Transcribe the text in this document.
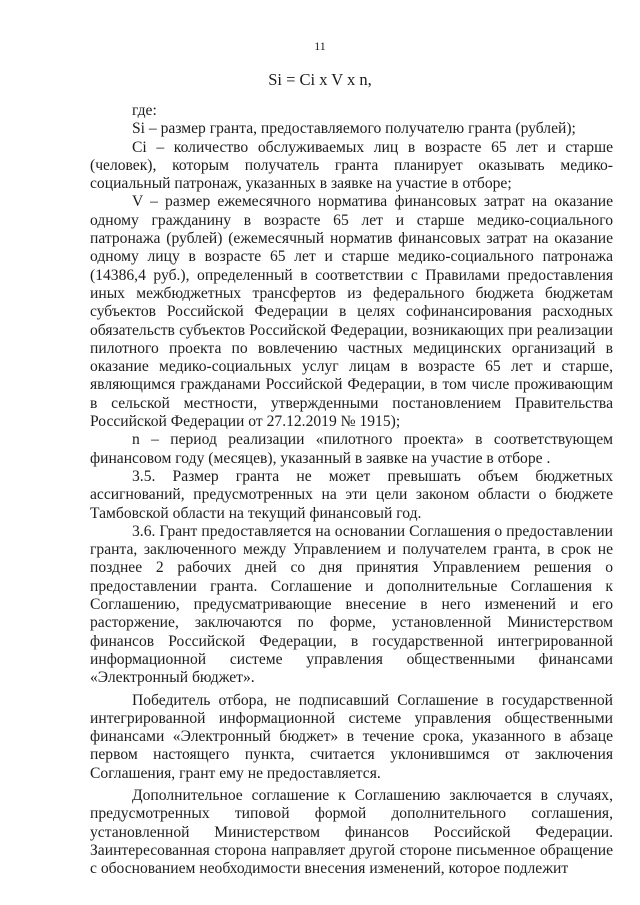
11
Si = Ci x V x n,

где:

Si – размер гранта, предоставляемого получателю гранта (рублей);

Ci – количество обслуживаемых лиц в возрасте 65 лет и старше (человек), которым получатель гранта планирует оказывать медико-социальный патронаж, указанных в заявке на участие в отборе;

V – размер ежемесячного норматива финансовых затрат на оказание одному гражданину в возрасте 65 лет и старше медико-социального патронажа (рублей) (ежемесячный норматив финансовых затрат на оказание одному лицу в возрасте 65 лет и старше медико-социального патронажа (14386,4 руб.), определенный в соответствии с Правилами предоставления иных межбюджетных трансфертов из федерального бюджета бюджетам субъектов Российской Федерации в целях софинансирования расходных обязательств субъектов Российской Федерации, возникающих при реализации пилотного проекта по вовлечению частных медицинских организаций в оказание медико-социальных услуг лицам в возрасте 65 лет и старше, являющимся гражданами Российской Федерации, в том числе проживающим в сельской местности, утвержденными постановлением Правительства Российской Федерации от 27.12.2019 № 1915);

n – период реализации «пилотного проекта» в соответствующем финансовом году (месяцев), указанный в заявке на участие в отборе .

3.5. Размер гранта не может превышать объем бюджетных ассигнований, предусмотренных на эти цели законом области о бюджете Тамбовской области на текущий финансовый год.

3.6. Грант предоставляется на основании Соглашения о предоставлении гранта, заключенного между Управлением и получателем гранта, в срок не позднее 2 рабочих дней со дня принятия Управлением решения о предоставлении гранта. Соглашение и дополнительные Соглашения к Соглашению, предусматривающие внесение в него изменений и его расторжение, заключаются по форме, установленной Министерством финансов Российской Федерации, в государственной интегрированной информационной системе управления общественными финансами «Электронный бюджет».

Победитель отбора, не подписавший Соглашение в государственной интегрированной информационной системе управления общественными финансами «Электронный бюджет» в течение срока, указанного в абзаце первом настоящего пункта, считается уклонившимся от заключения Соглашения, грант ему не предоставляется.

Дополнительное соглашение к Соглашению заключается в случаях, предусмотренных типовой формой дополнительного соглашения, установленной Министерством финансов Российской Федерации. Заинтересованная сторона направляет другой стороне письменное обращение с обоснованием необходимости внесения изменений, которое подлежит
